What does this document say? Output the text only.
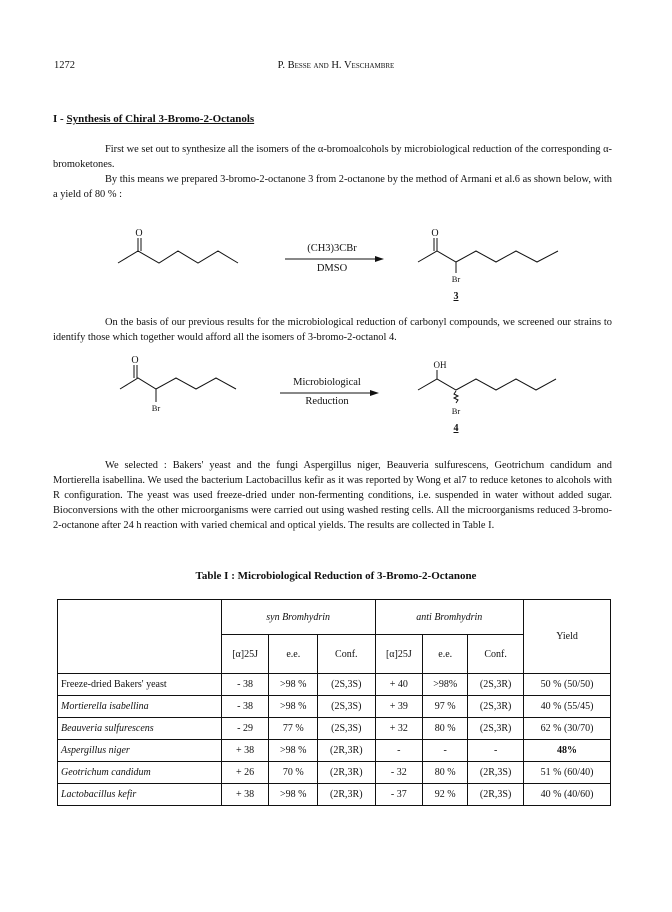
1272	P. Besse and H. Veschambre
I - Synthesis of Chiral 3-Bromo-2-Octanols

First we set out to synthesize all the isomers of the α-bromoalcohols by microbiological reduction of the corresponding α-bromoketones.

By this means we prepared 3-bromo-2-octanone 3 from 2-octanone by the method of Armani et al.6 as shown below, with a yield of 80 % :

On the basis of our previous results for the microbiological reduction of carbonyl compounds, we screened our strains to identify those which together would afford all the isomers of 3-bromo-2-octanol 4.

We selected : Bakers' yeast and the fungi Aspergillus niger, Beauveria sulfurescens, Geotrichum candidum and Mortierella isabellina. We used the bacterium Lactobacillus kefir as it was reported by Wong et al7 to reduce ketones to alcohols with R configuration. The yeast was used freeze-dried under non-fermenting conditions, i.e. suspended in water without added sugar. Bioconversions with the other microorganisms were carried out using washed resting cells. All the microorganisms reduced 3-bromo-2-octanone after 24 h reaction with varied chemical and optical yields. The results are collected in Table I.

O
(CH3)3CBr
DMSO
O
Br
3
O
Br
Microbiological
Reduction
OH
Br
4
Table I : Microbiological Reduction of 3-Bromo-2-Octanone
	syn Bromhydrin			anti Bromhydrin			Yield
	[α]25J	e.e.	Conf.	[α]25J	e.e.	Conf.	
Freeze-dried Bakers' yeast	- 38	>98 %	(2S,3S)	+ 40	>98%	(2S,3R)	50 % (50/50)
Mortierella isabellina	- 38	>98 %	(2S,3S)	+ 39	97 %	(2S,3R)	40 % (55/45)
Beauveria sulfurescens	- 29	77 %	(2S,3S)	+ 32	80 %	(2S,3R)	62 % (30/70)
Aspergillus niger	+ 38	>98 %	(2R,3R)	-	-	-	48%
Geotrichum candidum	+ 26	70 %	(2R,3R)	- 32	80 %	(2R,3S)	51 % (60/40)
Lactobacillus kefir	+ 38	>98 %	(2R,3R)	- 37	92 %	(2R,3S)	40 % (40/60)
